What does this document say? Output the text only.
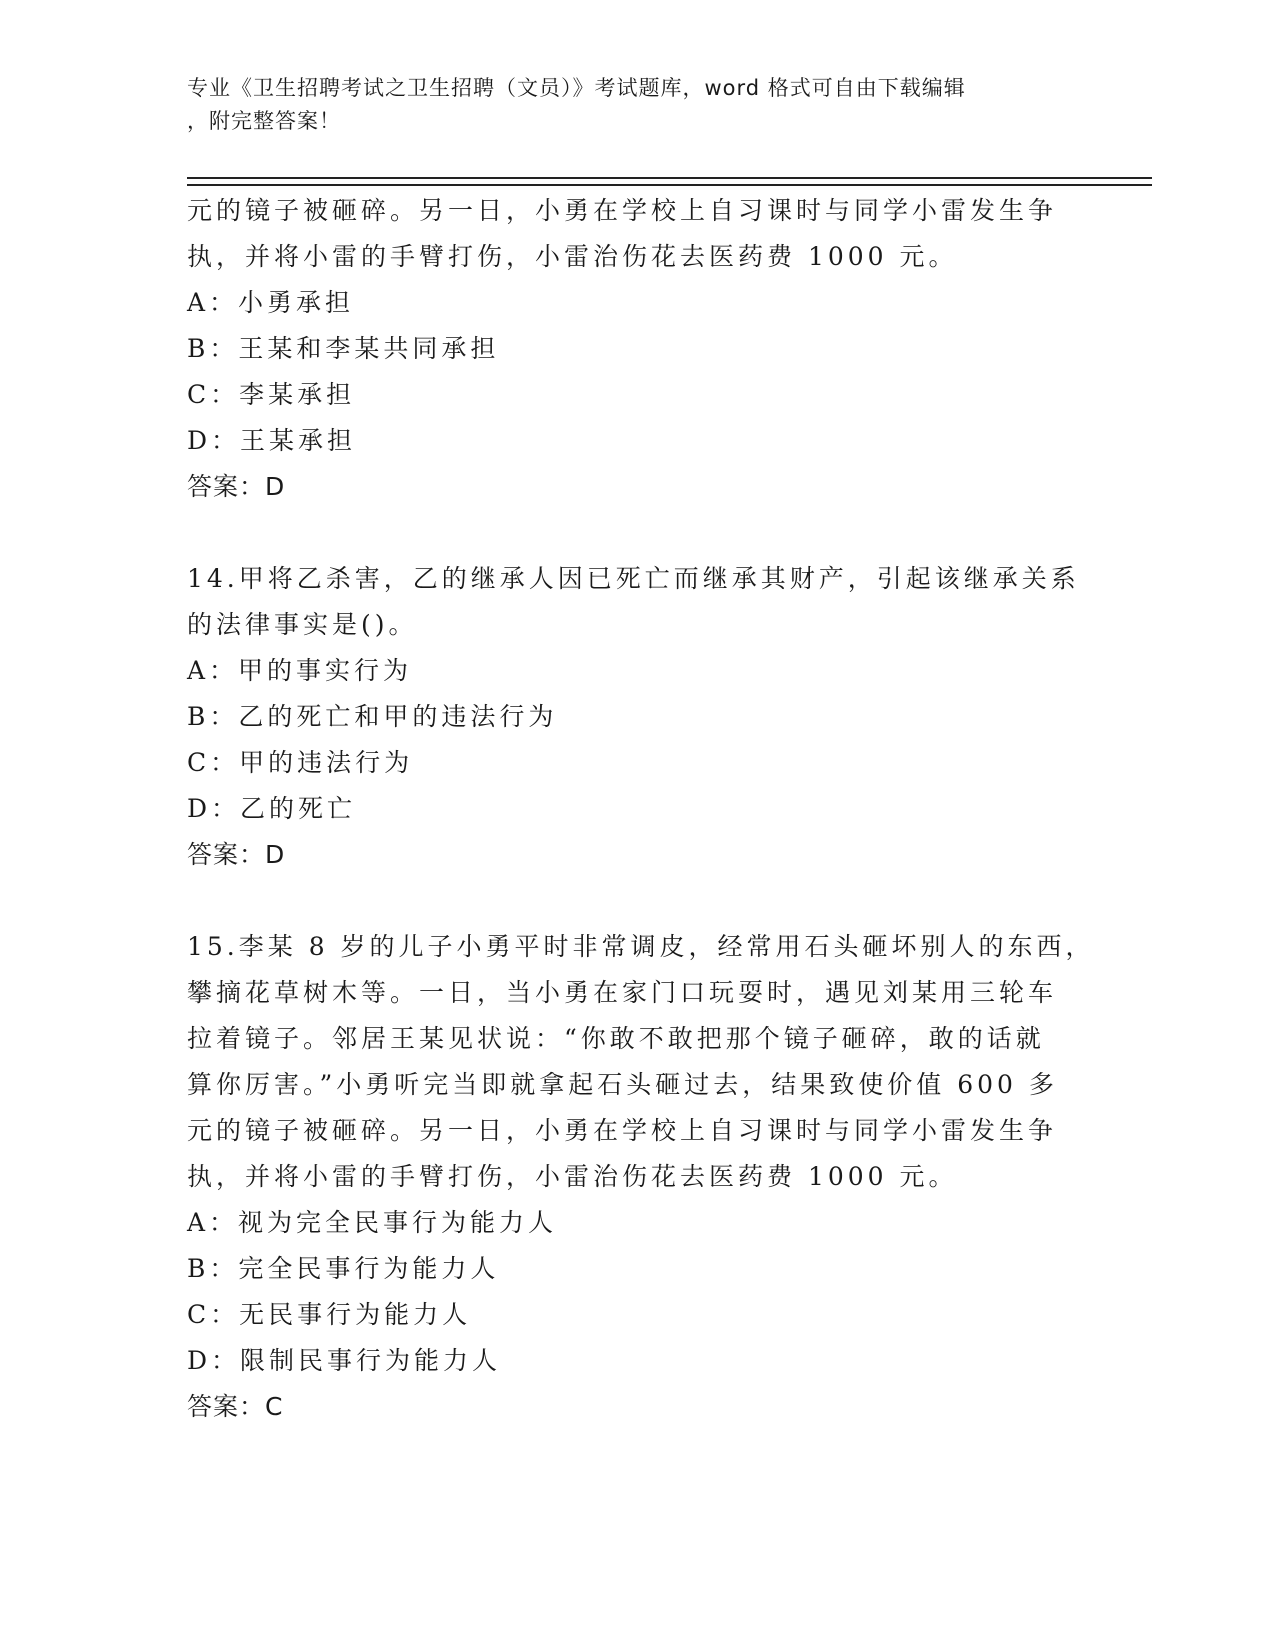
专业《卫生招聘考试之卫生招聘（文员）》考试题库，word 格式可自由下载编辑
，附完整答案！
元的镜子被砸碎。另一日，小勇在学校上自习课时与同学小雷发生争
执，并将小雷的手臂打伤，小雷治伤花去医药费 1000 元。
A：小勇承担
B：王某和李某共同承担
C：李某承担
D：王某承担
答案：D
14.甲将乙杀害，乙的继承人因已死亡而继承其财产，引起该继承关系
的法律事实是()。
A：甲的事实行为
B：乙的死亡和甲的违法行为
C：甲的违法行为
D：乙的死亡
答案：D
15.李某 8 岁的儿子小勇平时非常调皮，经常用石头砸坏别人的东西，
攀摘花草树木等。一日，当小勇在家门口玩耍时，遇见刘某用三轮车
拉着镜子。邻居王某见状说：“你敢不敢把那个镜子砸碎，敢的话就
算你厉害。”小勇听完当即就拿起石头砸过去，结果致使价值 600 多
元的镜子被砸碎。另一日，小勇在学校上自习课时与同学小雷发生争
执，并将小雷的手臂打伤，小雷治伤花去医药费 1000 元。
A：视为完全民事行为能力人
B：完全民事行为能力人
C：无民事行为能力人
D：限制民事行为能力人
答案：C
